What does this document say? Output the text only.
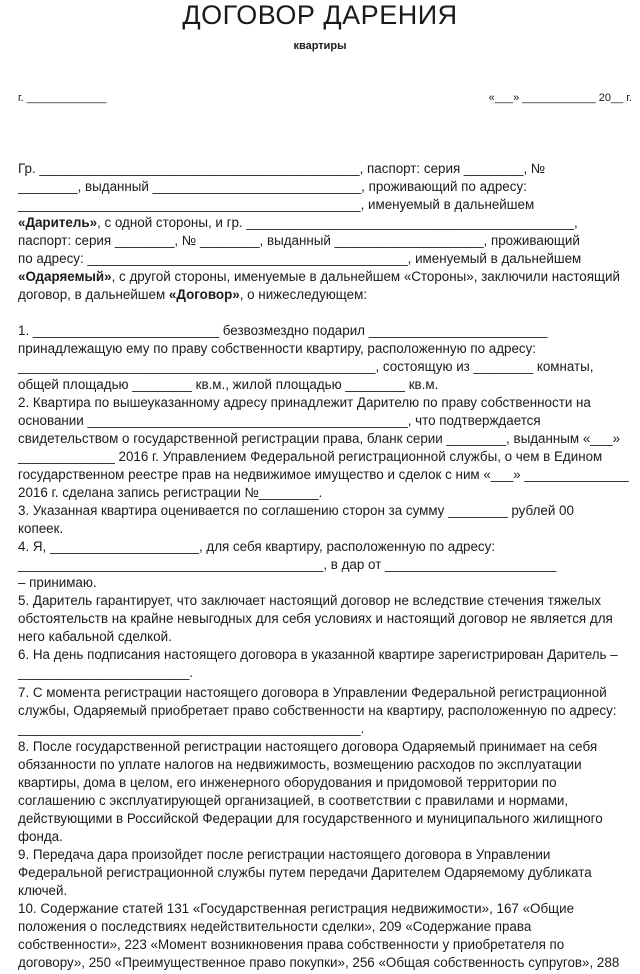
ДОГОВОР ДАРЕНИЯ
квартиры
г. _____________	«___» ____________ 20__ г.
Гр. ___________________________________________, паспорт: серия ________, №
________, выданный ____________________________, проживающий по адресу:
______________________________________________, именуемый в дальнейшем
«Даритель», с одной стороны, и гр. ____________________________________________,
паспорт: серия ________, № ________, выданный ____________________, проживающий
по адресу: ___________________________________________, именуемый в дальнейшем
«Одаряемый», с другой стороны, именуемые в дальнейшем «Стороны», заключили настоящий
договор, в дальнейшем «Договор», о нижеследующем:
1. _________________________ безвозмездно подарил ________________________
принадлежащую ему по праву собственности квартиру, расположенную по адресу:
________________________________________________, состоящую из ________ комнаты,
общей площадью ________ кв.м., жилой площадью ________ кв.м.
2. Квартира по вышеуказанному адресу принадлежит Дарителю по праву собственности на
основании ___________________________________________, что подтверждается
свидетельством о государственной регистрации права, бланк серии ________, выданным «___»
_____________ 2016 г. Управлением Федеральной регистрационной службы, о чем в Едином
государственном реестре прав на недвижимое имущество и сделок с ним «___» ______________
2016 г. сделана запись регистрации №________.
3. Указанная квартира оценивается по соглашению сторон за сумму ________ рублей 00
копеек.
4. Я, ____________________, для себя квартиру, расположенную по адресу:
_________________________________________, в дар от _______________________
– принимаю.
5. Даритель гарантирует, что заключает настоящий договор не вследствие стечения тяжелых
обстоятельств на крайне невыгодных для себя условиях и настоящий договор не является для
него кабальной сделкой.
6. На день подписания настоящего договора в указанной квартире зарегистрирован Даритель –
_______________________.
7. С момента регистрации настоящего договора в Управлении Федеральной регистрационной
службы, Одаряемый приобретает право собственности на квартиру, расположенную по адресу:
______________________________________________.
8. После государственной регистрации настоящего договора Одаряемый принимает на себя
обязанности по уплате налогов на недвижимость, возмещению расходов по эксплуатации
квартиры, дома в целом, его инженерного оборудования и придомовой территории по
соглашению с эксплуатирующей организацией, в соответствии с правилами и нормами,
действующими в Российской Федерации для государственного и муниципального жилищного
фонда.
9. Передача дара произойдет после регистрации настоящего договора в Управлении
Федеральной регистрационной службы путем передачи Дарителем Одаряемому дубликата
ключей.
10. Содержание статей 131 «Государственная регистрация недвижимости», 167 «Общие
положения о последствиях недействительности сделки», 209 «Содержание права
собственности», 223 «Момент возникновения права собственности у приобретателя по
договору», 250 «Преимущественное право покупки», 256 «Общая собственность супругов», 288
